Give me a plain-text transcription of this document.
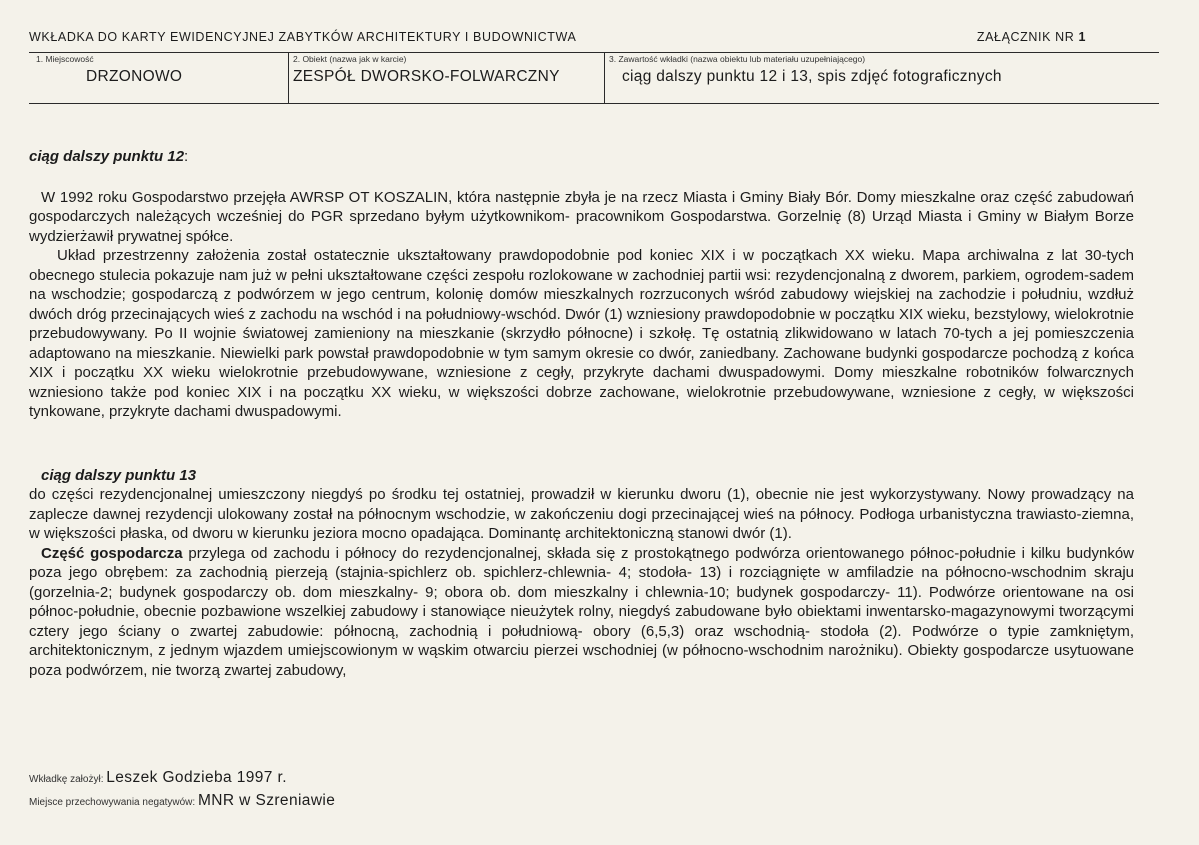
WKŁADKA DO KARTY EWIDENCYJNEJ ZABYTKÓW ARCHITEKTURY I BUDOWNICTWA	ZAŁĄCZNIK NR 1
1. Miejscowość
DRZONOWO
2. Obiekt (nazwa jak w karcie)
ZESPÓŁ DWORSKO-FOLWARCZNY
3. Zawartość wkładki (nazwa obiektu lub materiału uzupełniającego)
ciąg dalszy punktu 12 i 13, spis zdjęć fotograficznych
ciąg dalszy punktu 12:

W 1992 roku Gospodarstwo przejęła AWRSP OT KOSZALIN, która następnie zbyła je na rzecz Miasta i Gminy Biały Bór. Domy mieszkalne oraz część zabudowań gospodarczych należących wcześniej do PGR sprzedano byłym użytkownikom- pracownikom Gospodarstwa. Gorzelnię (8) Urząd Miasta i Gminy w Białym Borze wydzierżawił prywatnej spółce.

Układ przestrzenny założenia został ostatecznie ukształtowany prawdopodobnie pod koniec XIX i w początkach XX wieku. Mapa archiwalna z lat 30-tych obecnego stulecia pokazuje nam już w pełni ukształtowane części zespołu rozlokowane w zachodniej partii wsi: rezydencjonalną z dworem, parkiem, ogrodem-sadem na wschodzie; gospodarczą z podwórzem w jego centrum, kolonię domów mieszkalnych rozrzuconych wśród zabudowy wiejskiej na zachodzie i południu, wzdłuż dwóch dróg przecinających wieś z zachodu na wschód i na południowy-wschód. Dwór (1) wzniesiony prawdopodobnie w początku XIX wieku, bezstylowy, wielokrotnie przebudowywany. Po II wojnie światowej zamieniony na mieszkanie (skrzydło północne) i szkołę. Tę ostatnią zlikwidowano w latach 70-tych a jej pomieszczenia adaptowano na mieszkanie. Niewielki park powstał prawdopodobnie w tym samym okresie co dwór, zaniedbany. Zachowane budynki gospodarcze pochodzą z końca XIX i początku XX wieku wielokrotnie przebudowywane, wzniesione z cegły, przykryte dachami dwuspadowymi. Domy mieszkalne robotników folwarcznych wzniesiono także pod koniec XIX i na początku XX wieku, w większości dobrze zachowane, wielokrotnie przebudowywane, wzniesione z cegły, w większości tynkowane, przykryte dachami dwuspadowymi.

ciąg dalszy punktu 13

do części rezydencjonalnej umieszczony niegdyś po środku tej ostatniej, prowadził w kierunku dworu (1), obecnie nie jest wykorzystywany. Nowy prowadzący na zaplecze dawnej rezydencji ulokowany został na północnym wschodzie, w zakończeniu dogi przecinającej wieś na północy. Podłoga urbanistyczna trawiasto-ziemna, w większości płaska, od dworu w kierunku jeziora mocno opadająca. Dominantę architektoniczną stanowi dwór (1).

Część gospodarcza przylega od zachodu i północy do rezydencjonalnej, składa się z prostokątnego podwórza orientowanego północ-południe i kilku budynków poza jego obrębem: za zachodnią pierzeją (stajnia-spichlerz ob. spichlerz-chlewnia- 4; stodoła- 13) i rozciągnięte w amfiladzie na północno-wschodnim skraju (gorzelnia-2; budynek gospodarczy ob. dom mieszkalny- 9; obora ob. dom mieszkalny i chlewnia-10; budynek gospodarczy- 11). Podwórze orientowane na osi północ-południe, obecnie pozbawione wszelkiej zabudowy i stanowiące nieużytek rolny, niegdyś zabudowane było obiektami inwentarsko-magazynowymi tworzącymi cztery jego ściany o zwartej zabudowie: północną, zachodnią i południową- obory (6,5,3) oraz wschodnią- stodoła (2). Podwórze o typie zamkniętym, architektonicznym, z jednym wjazdem umiejscowionym w wąskim otwarciu pierzei wschodniej (w północno-wschodnim narożniku). Obiekty gospodarcze usytuowane poza podwórzem, nie tworzą zwartej zabudowy,

Wkładkę założył: Leszek Godzieba 1997 r.
Miejsce przechowywania negatywów: MNR w Szreniawie
